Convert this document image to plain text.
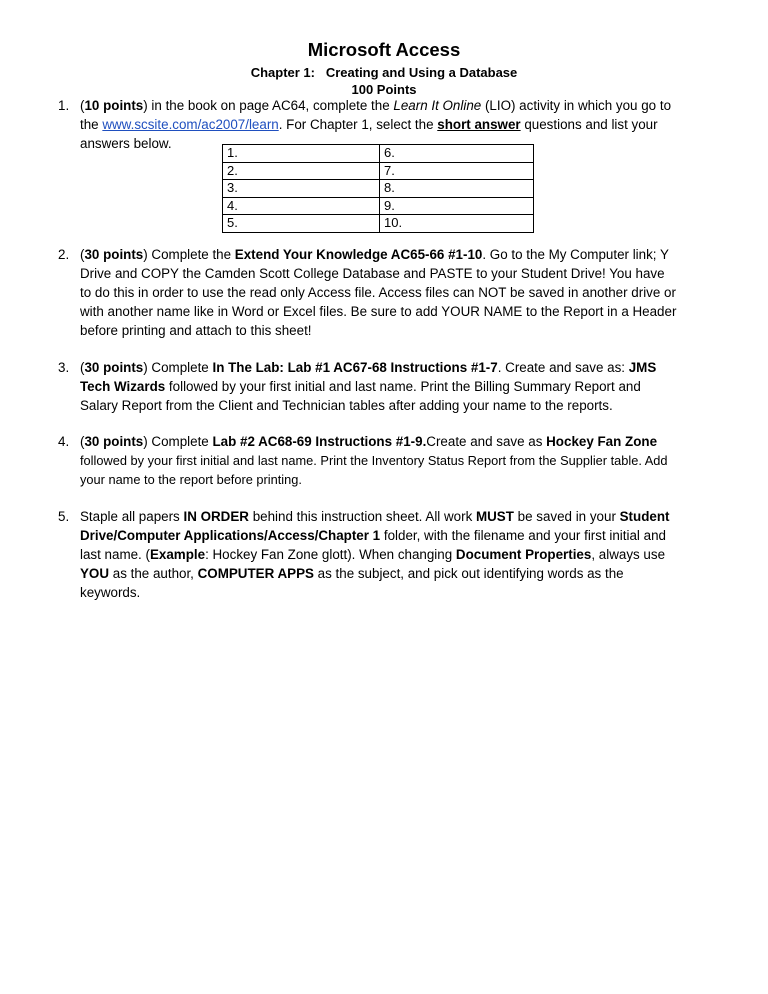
Microsoft Access
Chapter 1:   Creating and Using a Database
100 Points
1. (10 points) in the book on page AC64, complete the Learn It Online (LIO) activity in which you go to the www.scsite.com/ac2007/learn. For Chapter 1, select the short answer questions and list your answers below.
1.	6.
2.	7.
3.	8.
4.	9.
5.	10.
2. (30 points) Complete the Extend Your Knowledge AC65-66 #1-10. Go to the My Computer link; Y Drive and COPY the Camden Scott College Database and PASTE to your Student Drive! You have to do this in order to use the read only Access file. Access files can NOT be saved in another drive or with another name like in Word or Excel files. Be sure to add YOUR NAME to the Report in a Header before printing and attach to this sheet!
3. (30 points) Complete In The Lab: Lab #1 AC67-68 Instructions #1-7. Create and save as: JMS Tech Wizards followed by your first initial and last name. Print the Billing Summary Report and Salary Report from the Client and Technician tables after adding your name to the reports.
4. (30 points) Complete Lab #2 AC68-69 Instructions #1-9.Create and save as Hockey Fan Zone followed by your first initial and last name. Print the Inventory Status Report from the Supplier table. Add your name to the report before printing.
5. Staple all papers IN ORDER behind this instruction sheet. All work MUST be saved in your Student Drive/Computer Applications/Access/Chapter 1 folder, with the filename and your first initial and last name. (Example: Hockey Fan Zone glott). When changing Document Properties, always use YOU as the author, COMPUTER APPS as the subject, and pick out identifying words as the keywords.
